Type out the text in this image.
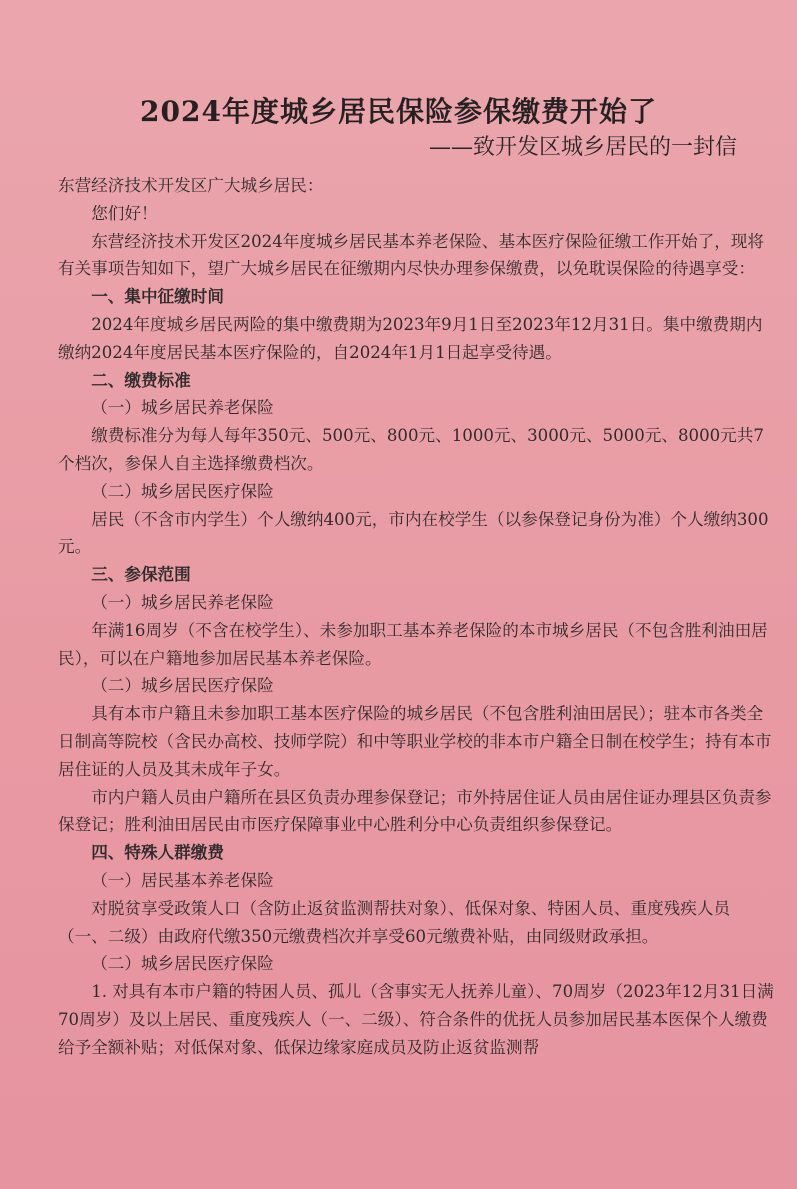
2024年度城乡居民保险参保缴费开始了
——致开发区城乡居民的一封信

东营经济技术开发区广大城乡居民：

您们好！

东营经济技术开发区2024年度城乡居民基本养老保险、基本医疗保险征缴工作开始了，现将有关事项告知如下，望广大城乡居民在征缴期内尽快办理参保缴费，以免耽误保险的待遇享受：

一、集中征缴时间

2024年度城乡居民两险的集中缴费期为2023年9月1日至2023年12月31日。集中缴费期内缴纳2024年度居民基本医疗保险的，自2024年1月1日起享受待遇。

二、缴费标准

（一）城乡居民养老保险

缴费标准分为每人每年350元、500元、800元、1000元、3000元、5000元、8000元共7个档次，参保人自主选择缴费档次。

（二）城乡居民医疗保险

居民（不含市内学生）个人缴纳400元，市内在校学生（以参保登记身份为准）个人缴纳300元。

三、参保范围

（一）城乡居民养老保险

年满16周岁（不含在校学生）、未参加职工基本养老保险的本市城乡居民（不包含胜利油田居民），可以在户籍地参加居民基本养老保险。

（二）城乡居民医疗保险

具有本市户籍且未参加职工基本医疗保险的城乡居民（不包含胜利油田居民）；驻本市各类全日制高等院校（含民办高校、技师学院）和中等职业学校的非本市户籍全日制在校学生；持有本市居住证的人员及其未成年子女。

市内户籍人员由户籍所在县区负责办理参保登记；市外持居住证人员由居住证办理县区负责参保登记；胜利油田居民由市医疗保障事业中心胜利分中心负责组织参保登记。

四、特殊人群缴费

（一）居民基本养老保险

对脱贫享受政策人口（含防止返贫监测帮扶对象）、低保对象、特困人员、重度残疾人员（一、二级）由政府代缴350元缴费档次并享受60元缴费补贴，由同级财政承担。

（二）城乡居民医疗保险

1. 对具有本市户籍的特困人员、孤儿（含事实无人抚养儿童）、70周岁（2023年12月31日满70周岁）及以上居民、重度残疾人（一、二级）、符合条件的优抚人员参加居民基本医保个人缴费给予全额补贴；对低保对象、低保边缘家庭成员及防止返贫监测帮
